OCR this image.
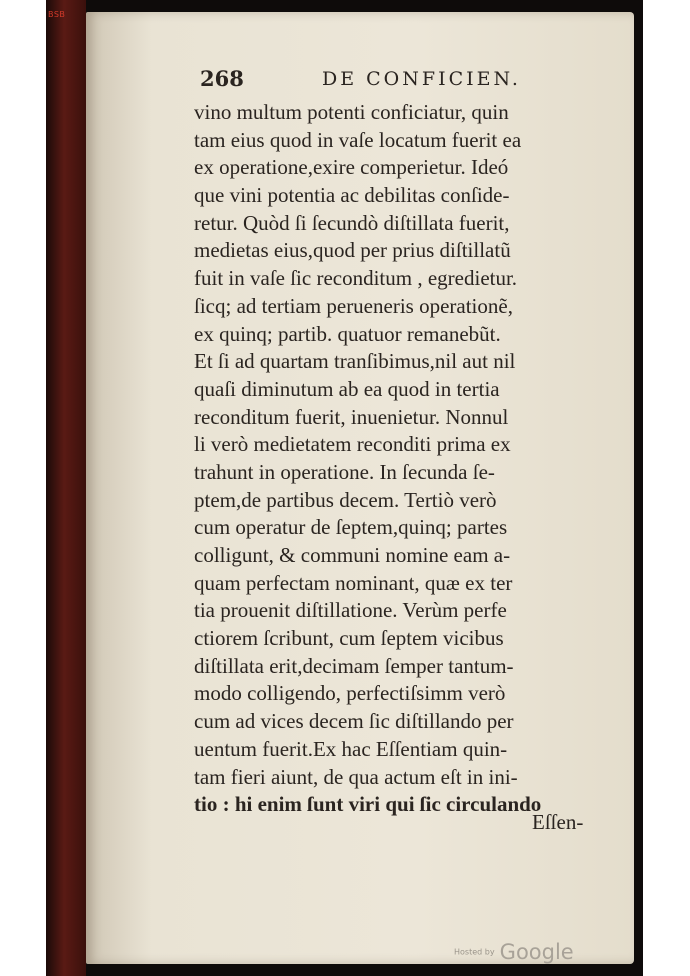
BSB
268	DE CONFICIEN.
vino multum potenti conficiatur, quin
tam eius quod in vaſe locatum fuerit ea
ex operatione,exire comperietur. Ideó
que vini potentia ac debilitas conſide-
retur. Quòd ſi ſecundò diſtillata fuerit,
medietas eius,quod per prius diſtillatũ
fuit in vaſe ſic reconditum , egredietur.
ſicq; ad tertiam perueneris operationẽ,
ex quinq; partib. quatuor remanebũt.
Et ſi ad quartam tranſibimus,nil aut nil
quaſi diminutum ab ea quod in tertia
reconditum fuerit, inuenietur. Nonnul
li verò medietatem reconditi prima ex
trahunt in operatione. In ſecunda ſe-
ptem,de partibus decem. Tertiò verò
cum operatur de ſeptem,quinq; partes
colligunt, & communi nomine eam a-
quam perfectam nominant, quæ ex ter
tia prouenit diſtillatione. Verùm perfe
ctiorem ſcribunt, cum ſeptem vicibus
diſtillata erit,decimam ſemper tantum-
modo colligendo, perfectiſsimm verò
cum ad vices decem ſic diſtillando per
uentum fuerit.Ex hac Eſſentiam quin-
tam fieri aiunt, de qua actum eſt in ini-
tio : hi enim ſunt viri qui ſic circulando
Eſſen-
Hosted by Google
